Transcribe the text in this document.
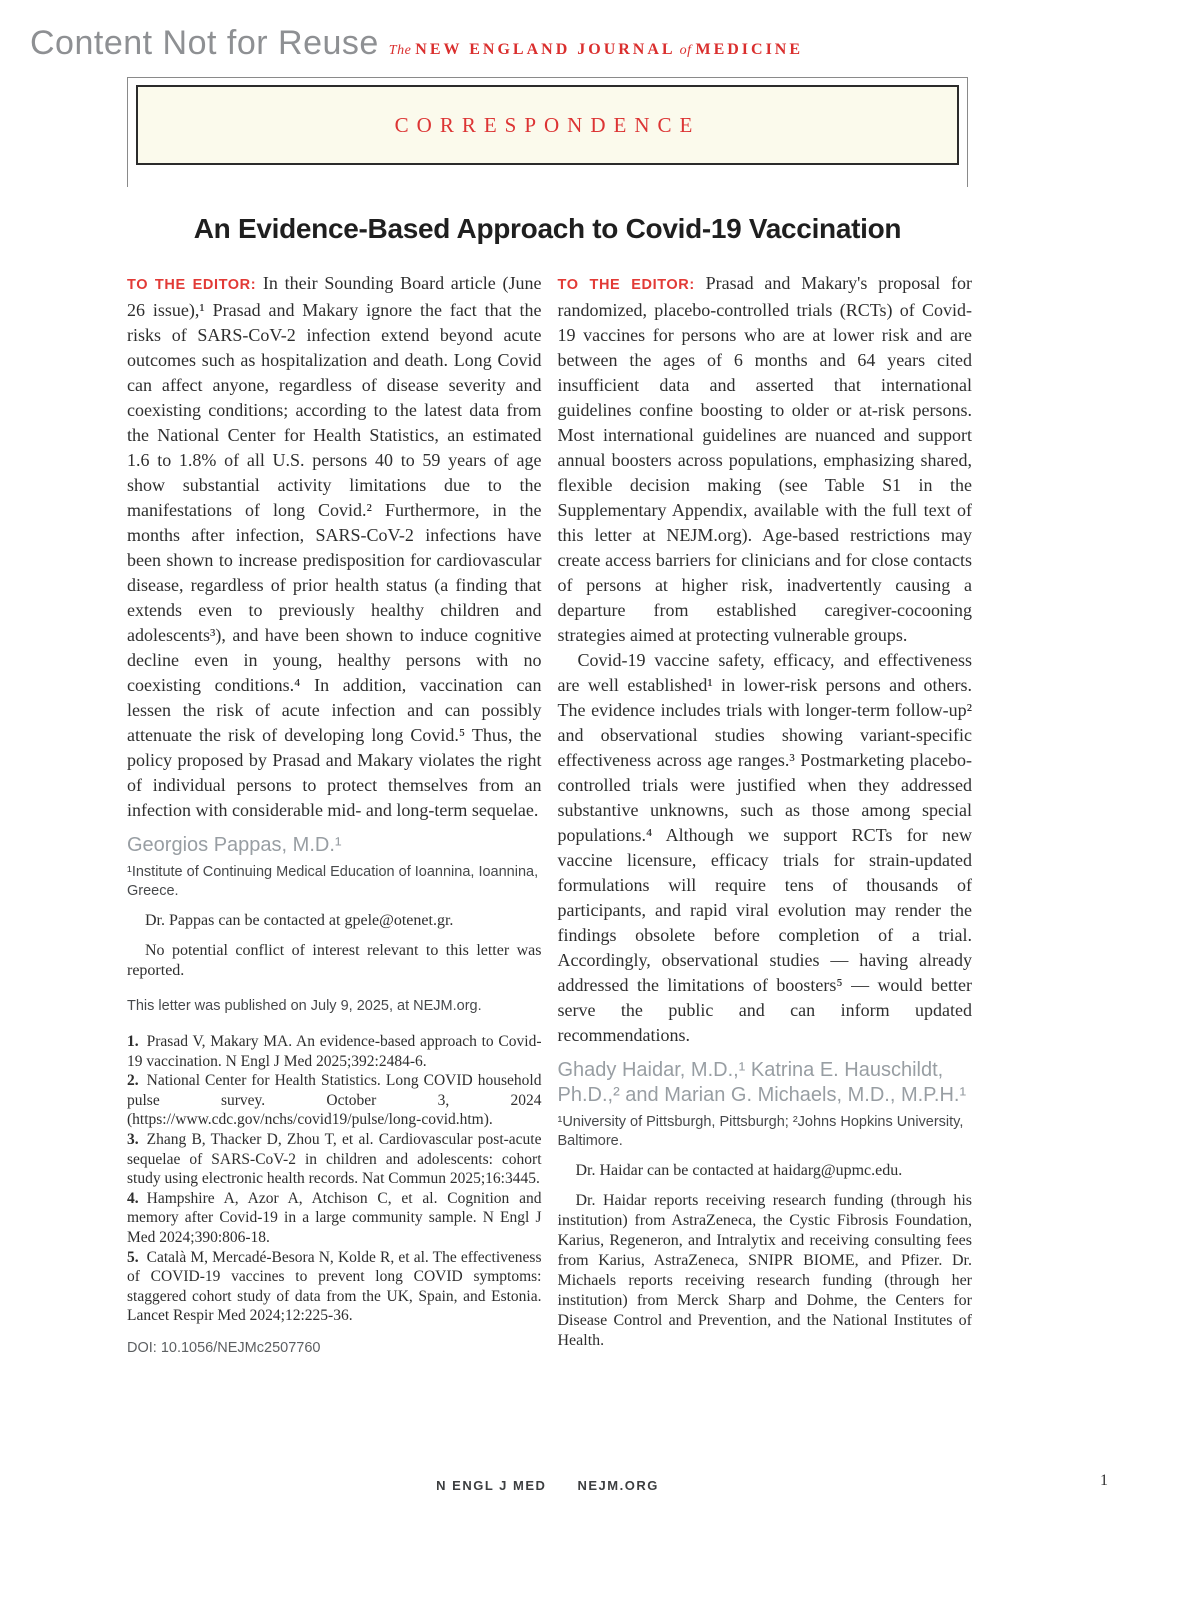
Content Not for Reuse The NEW ENGLAND JOURNAL of MEDICINE
CORRESPONDENCE
An Evidence-Based Approach to Covid-19 Vaccination

TO THE EDITOR: In their Sounding Board article (June 26 issue),¹ Prasad and Makary ignore the fact that the risks of SARS-CoV-2 infection extend beyond acute outcomes such as hospitalization and death. Long Covid can affect anyone, regardless of disease severity and coexisting conditions; according to the latest data from the National Center for Health Statistics, an estimated 1.6 to 1.8% of all U.S. persons 40 to 59 years of age show substantial activity limitations due to the manifestations of long Covid.² Furthermore, in the months after infection, SARS-CoV-2 infections have been shown to increase predisposition for cardiovascular disease, regardless of prior health status (a finding that extends even to previously healthy children and adolescents³), and have been shown to induce cognitive decline even in young, healthy persons with no coexisting conditions.⁴ In addition, vaccination can lessen the risk of acute infection and can possibly attenuate the risk of developing long Covid.⁵ Thus, the policy proposed by Prasad and Makary violates the right of individual persons to protect themselves from an infection with considerable mid- and long-term sequelae.

Georgios Pappas, M.D.¹
¹Institute of Continuing Medical Education of Ioannina, Ioannina, Greece.

Dr. Pappas can be contacted at gpele@otenet.gr.

No potential conflict of interest relevant to this letter was reported.

This letter was published on July 9, 2025, at NEJM.org.
1. Prasad V, Makary MA. An evidence-based approach to Covid-19 vaccination. N Engl J Med 2025;392:2484-6.
2. National Center for Health Statistics. Long COVID household pulse survey. October 3, 2024 (https://www.cdc.gov/nchs/covid19/pulse/long-covid.htm).
3. Zhang B, Thacker D, Zhou T, et al. Cardiovascular post-acute sequelae of SARS-CoV-2 in children and adolescents: cohort study using electronic health records. Nat Commun 2025;16:3445.
4. Hampshire A, Azor A, Atchison C, et al. Cognition and memory after Covid-19 in a large community sample. N Engl J Med 2024;390:806-18.
5. Català M, Mercadé-Besora N, Kolde R, et al. The effectiveness of COVID-19 vaccines to prevent long COVID symptoms: staggered cohort study of data from the UK, Spain, and Estonia. Lancet Respir Med 2024;12:225-36.
DOI: 10.1056/NEJMc2507760

TO THE EDITOR: Prasad and Makary's proposal for randomized, placebo-controlled trials (RCTs) of Covid-19 vaccines for persons who are at lower risk and are between the ages of 6 months and 64 years cited insufficient data and asserted that international guidelines confine boosting to older or at-risk persons. Most international guidelines are nuanced and support annual boosters across populations, emphasizing shared, flexible decision making (see Table S1 in the Supplementary Appendix, available with the full text of this letter at NEJM.org). Age-based restrictions may create access barriers for clinicians and for close contacts of persons at higher risk, inadvertently causing a departure from established caregiver-cocooning strategies aimed at protecting vulnerable groups.

Covid-19 vaccine safety, efficacy, and effectiveness are well established¹ in lower-risk persons and others. The evidence includes trials with longer-term follow-up² and observational studies showing variant-specific effectiveness across age ranges.³ Postmarketing placebo-controlled trials were justified when they addressed substantive unknowns, such as those among special populations.⁴ Although we support RCTs for new vaccine licensure, efficacy trials for strain-updated formulations will require tens of thousands of participants, and rapid viral evolution may render the findings obsolete before completion of a trial. Accordingly, observational studies — having already addressed the limitations of boosters⁵ — would better serve the public and can inform updated recommendations.

Ghady Haidar, M.D.,¹ Katrina E. Hauschildt, Ph.D.,² and Marian G. Michaels, M.D., M.P.H.¹
¹University of Pittsburgh, Pittsburgh; ²Johns Hopkins University, Baltimore.

Dr. Haidar can be contacted at haidarg@upmc.edu.

Dr. Haidar reports receiving research funding (through his institution) from AstraZeneca, the Cystic Fibrosis Foundation, Karius, Regeneron, and Intralytix and receiving consulting fees from Karius, AstraZeneca, SNIPR BIOME, and Pfizer. Dr. Michaels reports receiving research funding (through her institution) from Merck Sharp and Dohme, the Centers for Disease Control and Prevention, and the National Institutes of Health.

N ENGL J MED NEJM.ORG	1
